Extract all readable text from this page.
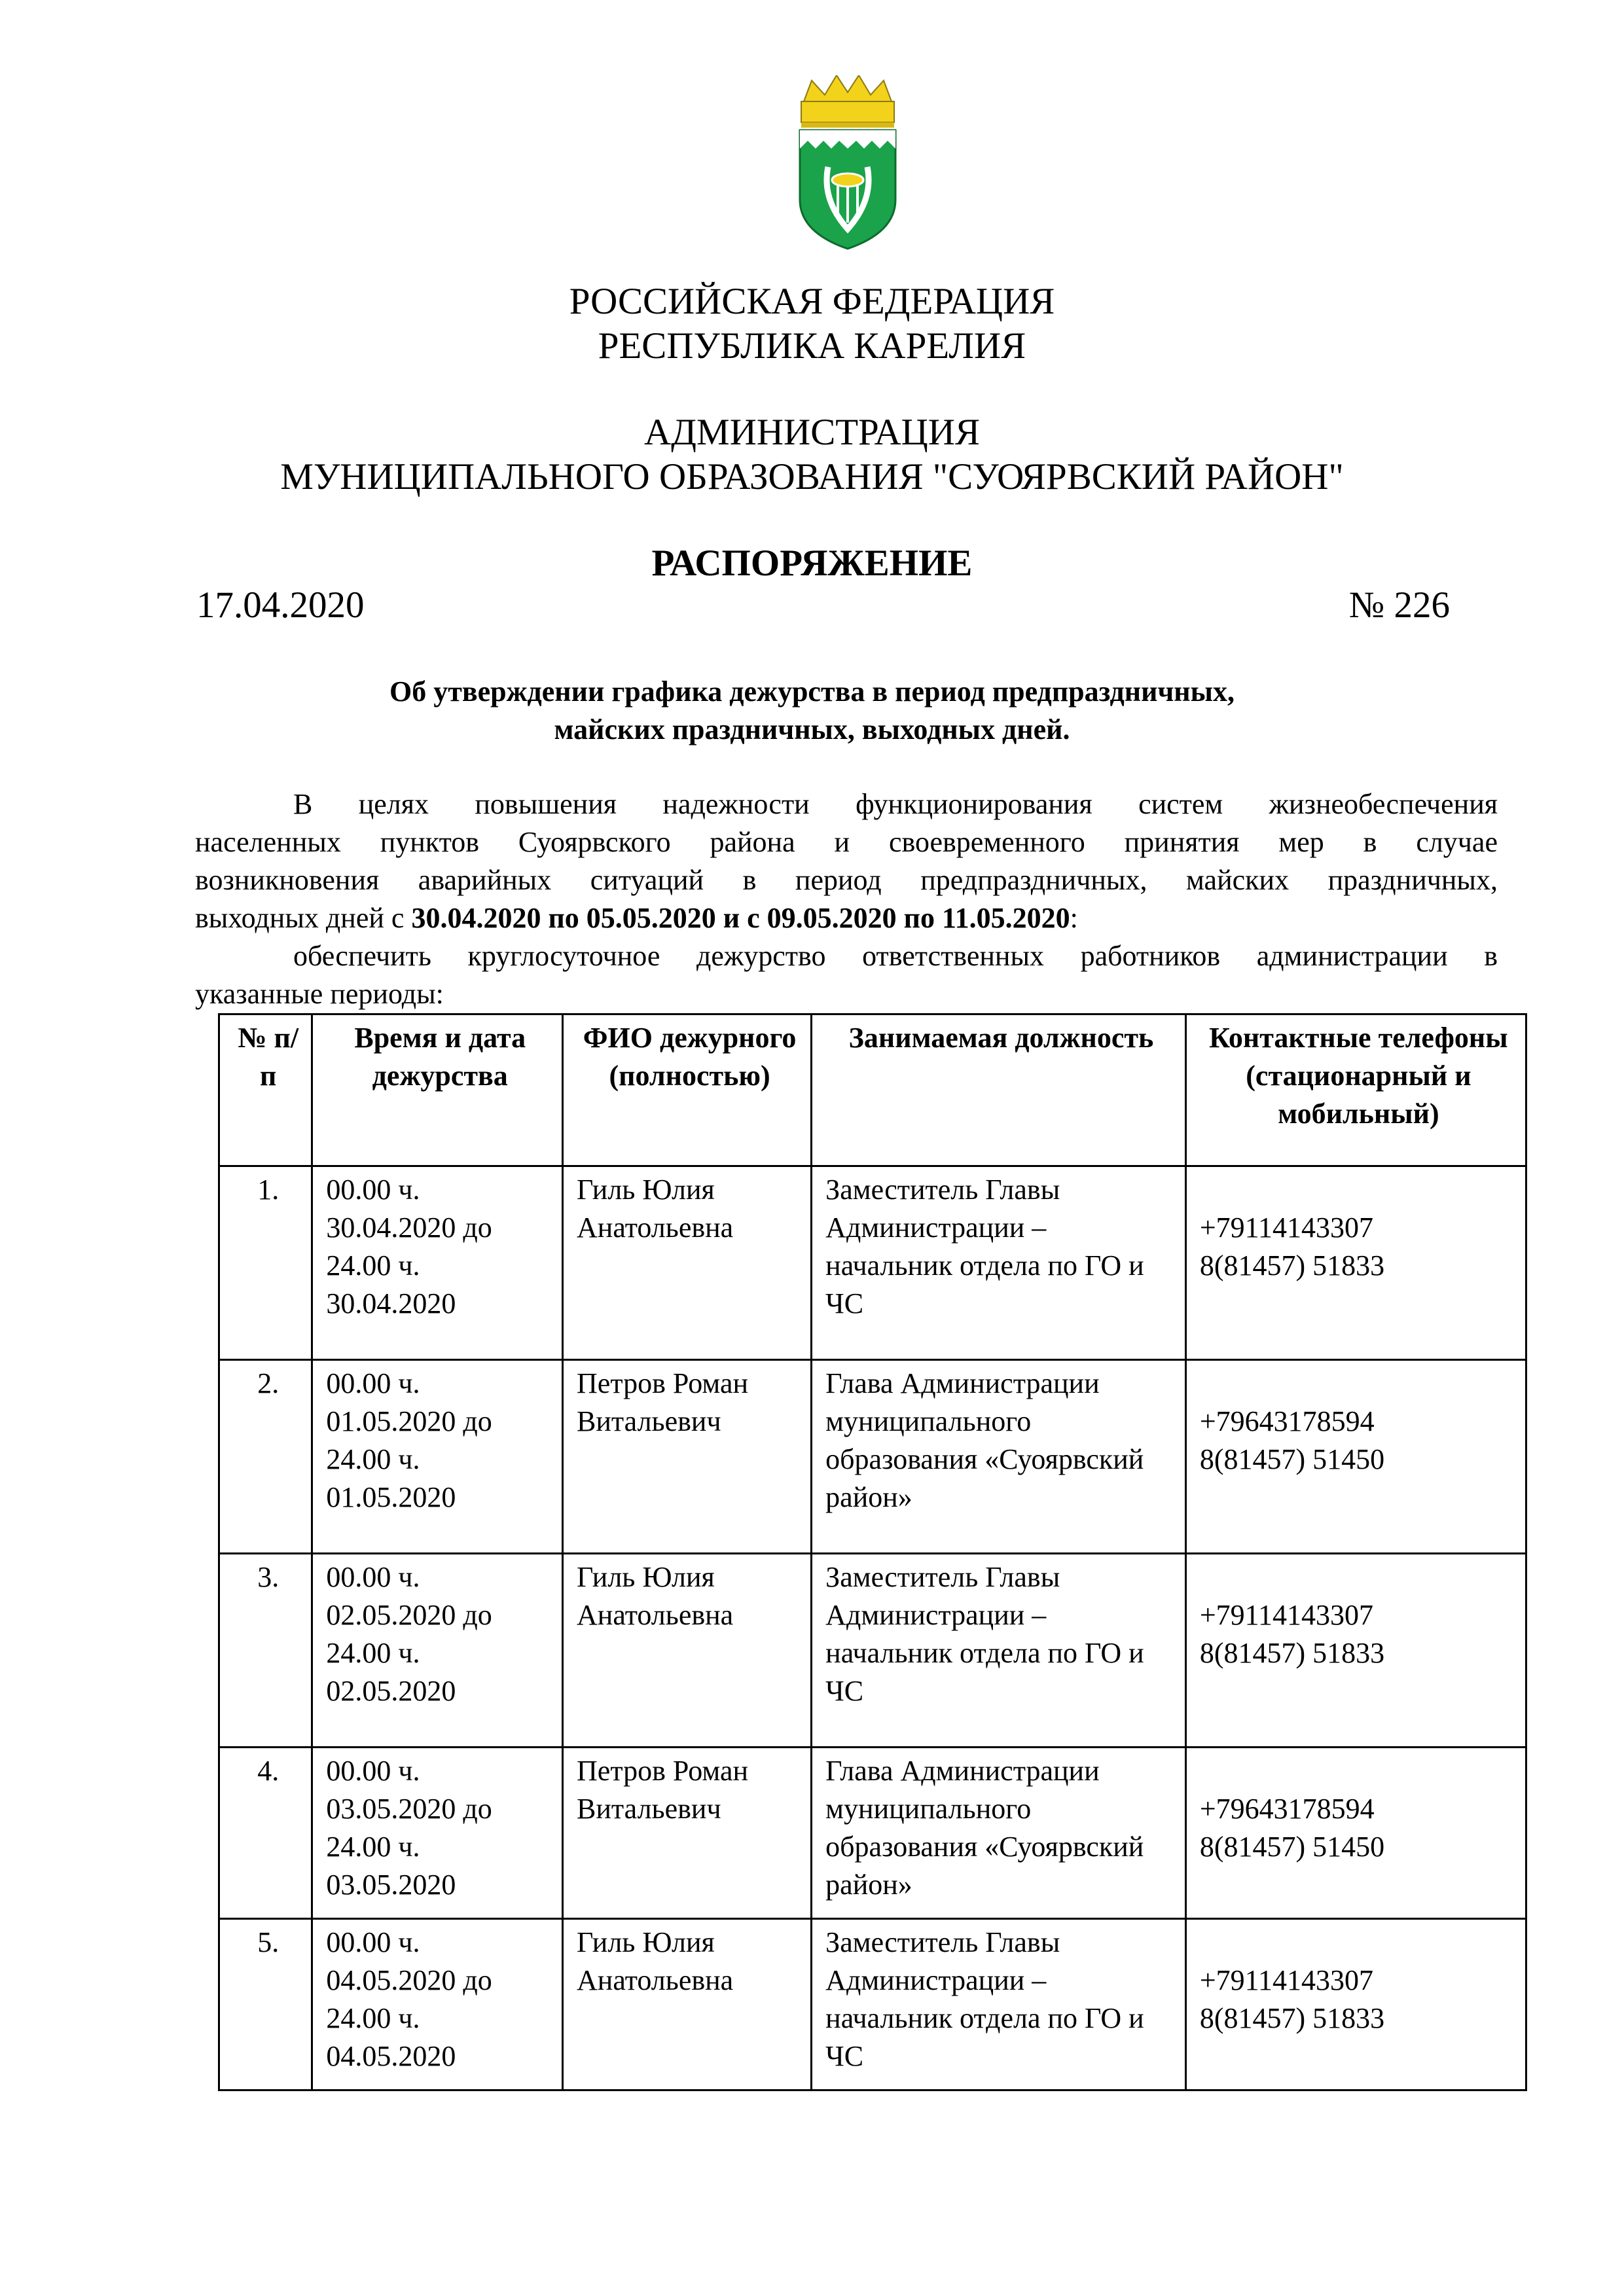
РОССИЙСКАЯ ФЕДЕРАЦИЯ
РЕСПУБЛИКА КАРЕЛИЯ
АДМИНИСТРАЦИЯ
МУНИЦИПАЛЬНОГО ОБРАЗОВАНИЯ "СУОЯРВСКИЙ РАЙОН"
РАСПОРЯЖЕНИЕ
17.04.2020	№ 226
Об утверждении графика дежурства в период предпраздничных,
майских праздничных, выходных дней.
В целях повышения надежности функционирования систем жизнеобеспечения
населенных пунктов Суоярвского района и своевременного принятия мер в случае
возникновения аварийных ситуаций в период предпраздничных, майских праздничных,
выходных дней с 30.04.2020 по 05.05.2020 и с 09.05.2020 по 11.05.2020:
обеспечить круглосуточное дежурство ответственных работников администрации в
указанные периоды:
№ п/п	Время и дата дежурства	ФИО дежурного (полностью)	Занимаемая должность	Контактные телефоны (стационарный и мобильный)
1.	00.00 ч. 30.04.2020 до 24.00 ч. 30.04.2020	Гиль Юлия Анатольевна	Заместитель Главы Администрации – начальник отдела по ГО и ЧС	+79114143307
8(81457) 51833

2.	00.00 ч. 01.05.2020 до 24.00 ч. 01.05.2020	Петров Роман Витальевич	Глава Администрации муниципального образования «Суоярвский район»	+79643178594
8(81457) 51450

3.	00.00 ч. 02.05.2020 до 24.00 ч. 02.05.2020	Гиль Юлия Анатольевна	Заместитель Главы Администрации – начальник отдела по ГО и ЧС	+79114143307
8(81457) 51833

4.	00.00 ч. 03.05.2020 до 24.00 ч. 03.05.2020	Петров Роман Витальевич	Глава Администрации муниципального образования «Суоярвский район»	+79643178594
8(81457) 51450

5.	00.00 ч. 04.05.2020 до 24.00 ч. 04.05.2020	Гиль Юлия Анатольевна	Заместитель Главы Администрации – начальник отдела по ГО и ЧС	+79114143307
8(81457) 51833
